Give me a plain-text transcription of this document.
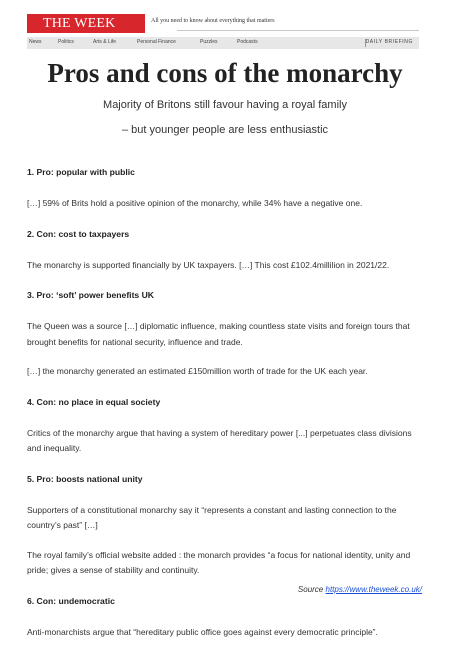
THE WEEK	All you need to know about everything that matters
News	Politics	Arts & Life	Personal Finance	Puzzles	Podcasts	DAILY BRIEFING
Pros and cons of the monarchy
Majority of Britons still favour having a royal family
– but younger people are less enthusiastic
1. Pro: popular with public
[…] 59% of Brits hold a positive opinion of the monarchy, while 34% have a negative one.
2. Con: cost to taxpayers
The monarchy is supported financially by UK taxpayers. […] This cost £102.4millilion in 2021/22.
3. Pro: ‘soft’ power benefits UK
The Queen was a source […] diplomatic influence, making countless state visits and foreign tours that brought benefits for national security, influence and trade.
[…] the monarchy generated an estimated £150million worth of trade for the UK each year.
4. Con: no place in equal society
Critics of the monarchy argue that having a system of hereditary power [...] perpetuates class divisions and inequality.
5. Pro: boosts national unity
Supporters of a constitutional monarchy say it “represents a constant and lasting connection to the country’s past” […]
The royal family’s official website added : the monarch provides “a focus for national identity, unity and pride; gives a sense of stability and continuity.
6. Con: undemocratic
Anti-monarchists argue that “hereditary public office goes against every democratic principle”.
Source https://www.theweek.co.uk/
